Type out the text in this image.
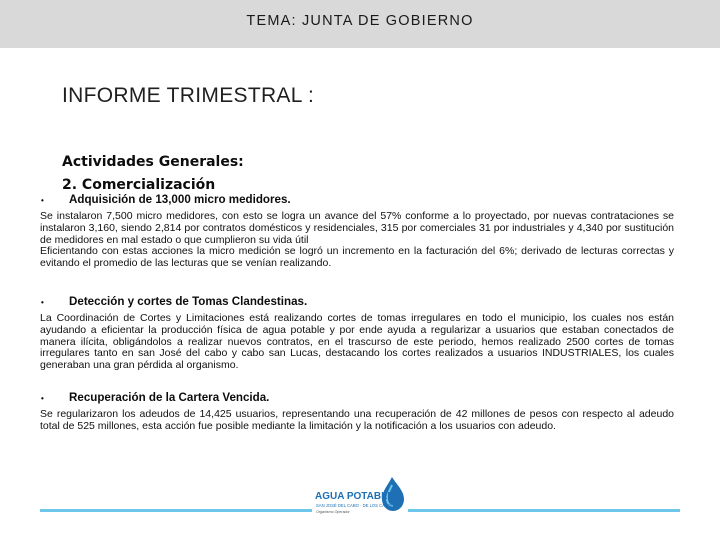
TEMA: JUNTA DE GOBIERNO
INFORME TRIMESTRAL :
Actividades Generales:
2. Comercialización
•	Adquisición de 13,000 micro medidores.

Se instalaron 7,500 micro medidores, con esto se logra un avance del 57% conforme a lo proyectado, por nuevas contrataciones se instalaron 3,160, siendo 2,814 por contratos domésticos y residenciales, 315 por comerciales 31 por industriales y 4,340 por sustitución de medidores en mal estado o que cumplieron su vida útil

Eficientando con estas acciones la micro medición se logró un incremento en la facturación del 6%; derivado de lecturas correctas y evitando el promedio de las lecturas que se venían realizando.

•	Detección y cortes de Tomas Clandestinas.

La Coordinación de Cortes y Limitaciones está realizando cortes de tomas irregulares en todo el municipio, los cuales nos están ayudando a eficientar la producción física de agua potable y por ende ayuda a regularizar a usuarios que estaban conectados de manera ilícita, obligándolos a realizar nuevos contratos, en el trascurso de este periodo, hemos realizado 2500 cortes de tomas irregulares tanto en san José del cabo y cabo san Lucas, destacando los cortes realizados a usuarios INDUSTRIALES, los cuales generaban una gran pérdida al organismo.

•	Recuperación de la Cartera Vencida.

Se regularizaron los adeudos de 14,425 usuarios, representando una recuperación de 42 millones de pesos con respecto al adeudo total de 525 millones, esta acción fue posible mediante la limitación y la notificación a los usuarios con adeudo.

AGUA POTABLE
SAN JOSÉ DEL CABO · DE LOS CABOS
Organismo Operador
